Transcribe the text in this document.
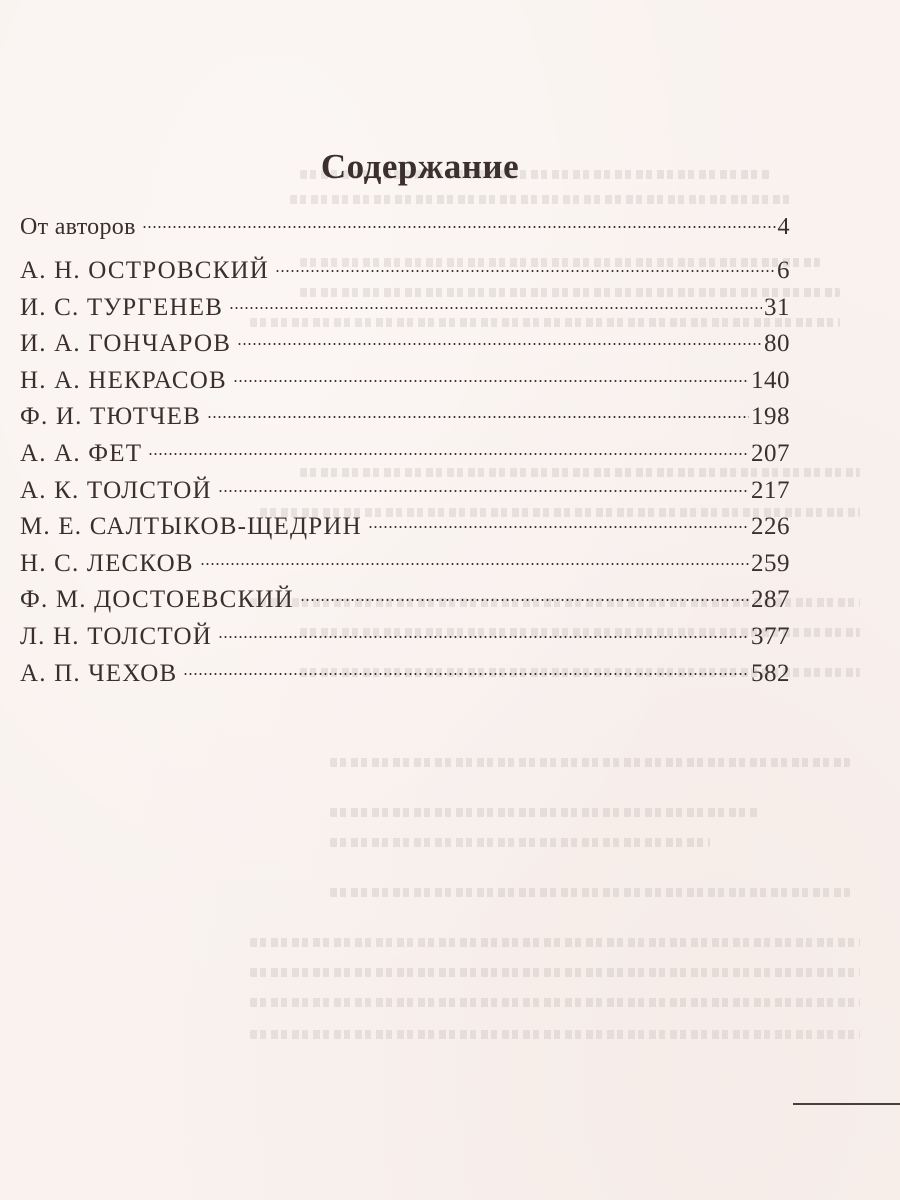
Содержание
От авторов	4
А. Н. ОСТРОВСКИЙ	6
И. С. ТУРГЕНЕВ	31
И. А. ГОНЧАРОВ	80
Н. А. НЕКРАСОВ	140
Ф. И. ТЮТЧЕВ	198
А. А. ФЕТ	207
А. К. ТОЛСТОЙ	217
М. Е. САЛТЫКОВ-ЩЕДРИН	226
Н. С. ЛЕСКОВ	259
Ф. М. ДОСТОЕВСКИЙ	287
Л. Н. ТОЛСТОЙ	377
А. П. ЧЕХОВ	582
